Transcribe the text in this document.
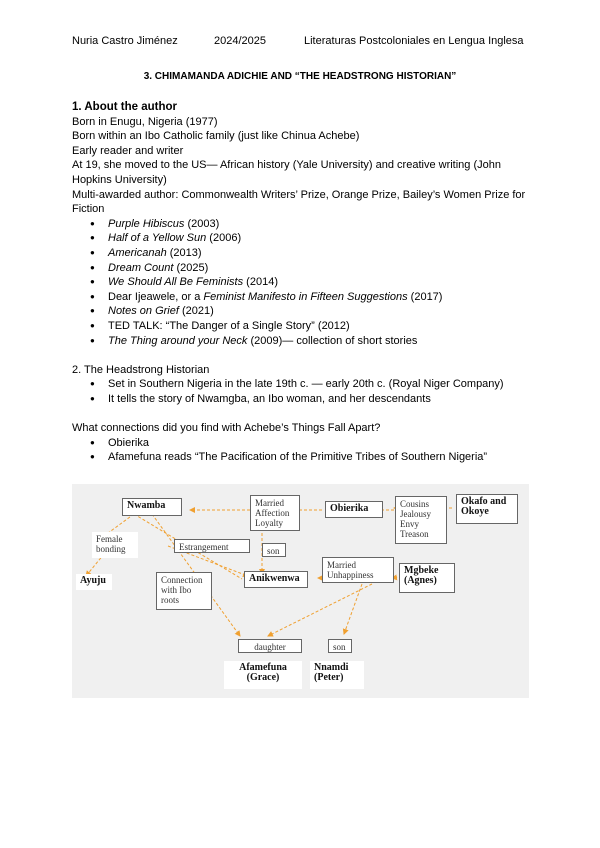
Nuria Castro Jiménez	2024/2025	Literaturas Postcoloniales en Lengua Inglesa
3. CHIMAMANDA ADICHIE AND “THE HEADSTRONG HISTORIAN”

1. About the author

Born in Enugu, Nigeria (1977)

Born within an Ibo Catholic family (just like Chinua Achebe)

Early reader and writer

At 19, she moved to the US— African history (Yale University) and creative writing (John Hopkins University)

Multi-awarded author: Commonwealth Writers’ Prize, Orange Prize, Bailey’s Women Prize for Fiction

● Purple Hibiscus (2003)
● Half of a Yellow Sun (2006)
● Americanah (2013)
● Dream Count (2025)
● We Should All Be Feminists (2014)
● Dear Ijeawele, or a Feminist Manifesto in Fifteen Suggestions (2017)
● Notes on Grief (2021)
● TED TALK: “The Danger of a Single Story” (2012)
● The Thing around your Neck (2009)— collection of short stories

2. The Headstrong Historian

● Set in Southern Nigeria in the late 19th c. — early 20th c. (Royal Niger Company)
● It tells the story of Nwamgba, an Ibo woman, and her descendants

What connections did you find with Achebe’s Things Fall Apart?

● Obierika
● Afamefuna reads “The Pacification of the Primitive Tribes of Southern Nigeria”
Nwamba	Married
Affection
Loyalty
Obierika	Cousins
Jealousy
Envy
Treason
Okafo and
Okoye
Female
bonding	Estrangement	son
Married
Unhappiness	Mgbeke
(Agnes)
Ayuju	Connection
with Ibo
roots
Anikwenwa
daughter	son
Afamefuna
(Grace)
Nnamdi
(Peter)
